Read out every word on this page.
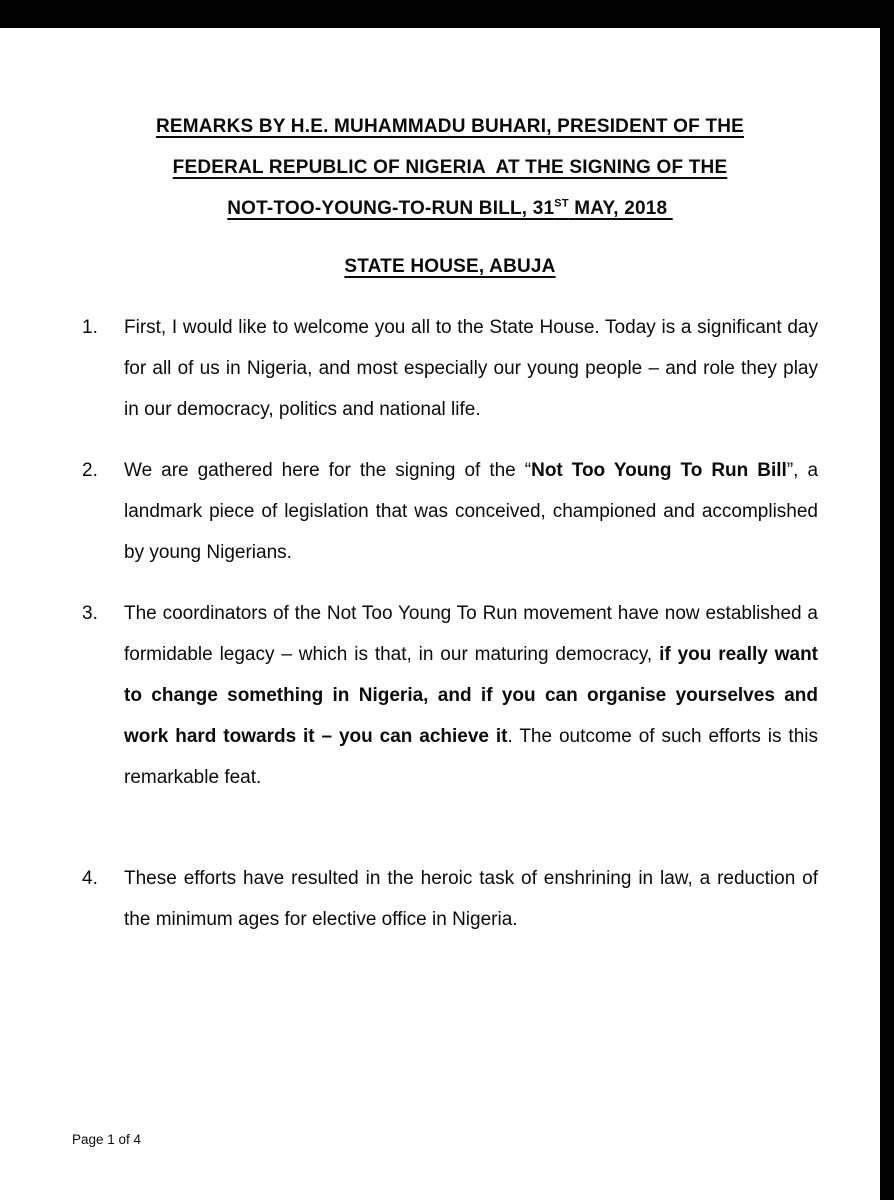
REMARKS BY H.E. MUHAMMADU BUHARI, PRESIDENT OF THE
FEDERAL REPUBLIC OF NIGERIA  AT THE SIGNING OF THE
NOT-TOO-YOUNG-TO-RUN BILL, 31ST MAY, 2018
STATE HOUSE, ABUJA
1.	First, I would like to welcome you all to the State House. Today is a significant day for all of us in Nigeria, and most especially our young people – and role they play in our democracy, politics and national life.
2.	We are gathered here for the signing of the “Not Too Young To Run Bill”, a landmark piece of legislation that was conceived, championed and accomplished by young Nigerians.
3.	The coordinators of the Not Too Young To Run movement have now established a formidable legacy – which is that, in our maturing democracy, if you really want to change something in Nigeria, and if you can organise yourselves and work hard towards it – you can achieve it. The outcome of such efforts is this remarkable feat.
4.	These efforts have resulted in the heroic task of enshrining in law, a reduction of the minimum ages for elective office in Nigeria.
Page 1 of 4
